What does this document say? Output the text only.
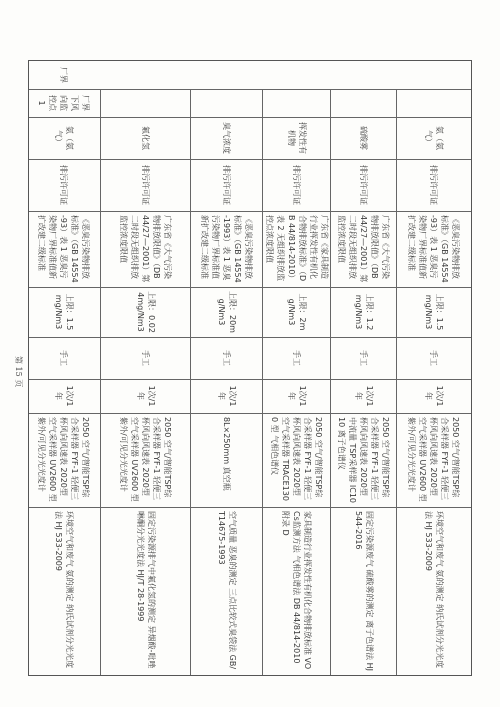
厂界
厂界下风向监控点1
氨（氨气）
排污许可证
《恶臭污染物排放标准》（GB 14554-93）表 1 恶臭污染物厂界标准值新扩改建二级标准
上限：1.5mg/Nm3
手工
1次/1年
2050 空气/智能TSP综合采样器 FYF-1 轻便三杯风向风速表 2020型 空气采样器 UV2600 型 紫外/可见分光光度计
环境空气和废气 氨的测定 纳氏试剂分光光度法 HJ 533-2009
硫酸雾
排污许可证
广东省《大气污染物排放限值》（DB44/27—2001）第二时段无组织排放监控浓度限值
上限：1.2mg/Nm3
手工
1次/1年
2050 空气/智能TSP综合采样器 FYF-1 轻便三杯风向风速表 2020型 中流量 TSP采样器 IC1010 离子色谱仪
固定污染源废气 硫酸雾的测定 离子色谱法 HJ544-2016
挥发性有机物
排污许可证
广东省《家具制造行业挥发性有机化合物排放标准》（DB 44/814-2010）表 2 无组织排放监控点浓度限值
上限：2mg/Nm3
手工
1次/1年
2050 空气/智能TSP综合采样器 FYF-1 轻便三杯风向风速表 2020型 空气采样器 TRACE1300 型 气相色谱仪
家具制造行业挥发性有机化合物排放标准 VOCs监测方法 气相色谱法 DB 44/814-2010 附录 D
臭气浓度
排污许可证
《恶臭污染物排放标准》（GB 14554-1993）表 1 恶臭污染物厂界标准值新扩改建二级标准
上限：20mg/Nm3
手工
1次/1年
8L×250mm 真空瓶
空气质量 恶臭的测定 三点比较式臭袋法 GB/T14675-1993
氟化氢
排污许可证
广东省《大气污染物排放限值》（DB44/27—2001）第二时段无组织排放监控浓度限值
上限：0.024mg/Nm3
手工
1次/1年
2050 空气/智能TSP综合采样器 FYF-1 轻便三杯风向风速表 2020型 空气采样器 UV2600 型 紫外/可见分光光度计
固定污染源排气中氟化氢的测定 异烟酸-吡唑啉酮分光光度法 HJ/T 28-1999
氨（氨气）
排污许可证
《恶臭污染物排放标准》（GB 14554-93）表 1 恶臭污染物厂界标准值新扩改建二级标准
上限：1.5mg/Nm3
手工
1次/1年
2050 空气/智能TSP综合采样器 FYF-1 轻便三杯风向风速表 2020型 空气采样器 UV2600 型 紫外/可见分光光度计
环境空气和废气 氨的测定 纳氏试剂分光光度法 HJ 533-2009
第 15 页
